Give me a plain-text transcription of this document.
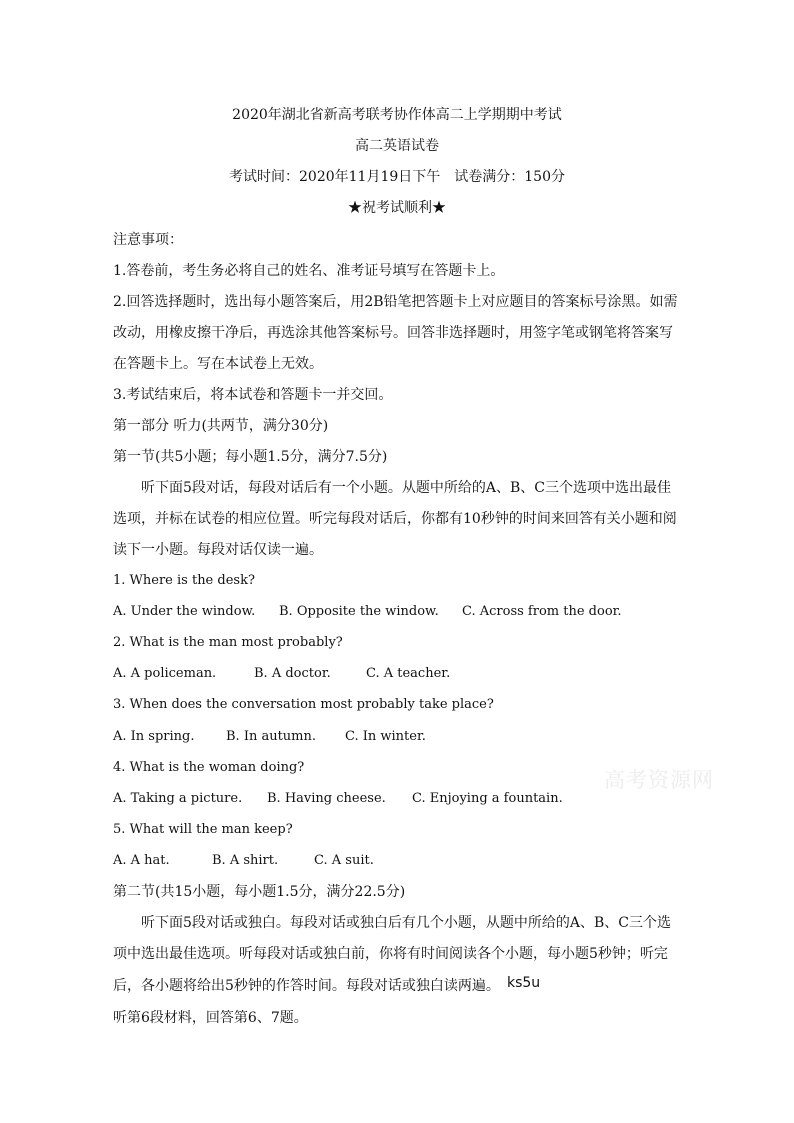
2020年湖北省新高考联考协作体高二上学期期中考试
高二英语试卷
考试时间：2020年11月19日下午　试卷满分：150分
★祝考试顺利★
注意事项：
1.答卷前，考生务必将自己的姓名、准考证号填写在答题卡上。
2.回答选择题时，选出每小题答案后，用2B铅笔把答题卡上对应题目的答案标号涂黑。如需
改动，用橡皮擦干净后，再选涂其他答案标号。回答非选择题时，用签字笔或钢笔将答案写
在答题卡上。写在本试卷上无效。
3.考试结束后，将本试卷和答题卡一并交回。
第一部分 听力(共两节，满分30分)
第一节(共5小题；每小题1.5分，满分7.5分)
听下面5段对话，每段对话后有一个小题。从题中所给的A、B、C三个选项中选出最佳
选项，并标在试卷的相应位置。听完每段对话后，你都有10秒钟的时间来回答有关小题和阅
读下一小题。每段对话仅读一遍。
1. Where is the desk?
A. Under the window. B. Opposite the window. C. Across from the door.
2. What is the man most probably?
A. A policeman.	B. A doctor.	C. A teacher.
3. When does the conversation most probably take place?
A. In spring. B. In autumn. C. In winter.
4. What is the woman doing?
A. Taking a picture. B. Having cheese. C. Enjoying a fountain.
5. What will the man keep?
A. A hat.	B. A shirt.	C. A suit.
第二节(共15小题，每小题1.5分，满分22.5分)
听下面5段对话或独白。每段对话或独白后有几个小题，从题中所给的A、B、C三个选
项中选出最佳选项。听每段对话或独白前，你将有时间阅读各个小题，每小题5秒钟；听完
后，各小题将给出5秒钟的作答时间。每段对话或独白读两遍。 ks5u
听第6段材料，回答第6、7题。
高考资源网
